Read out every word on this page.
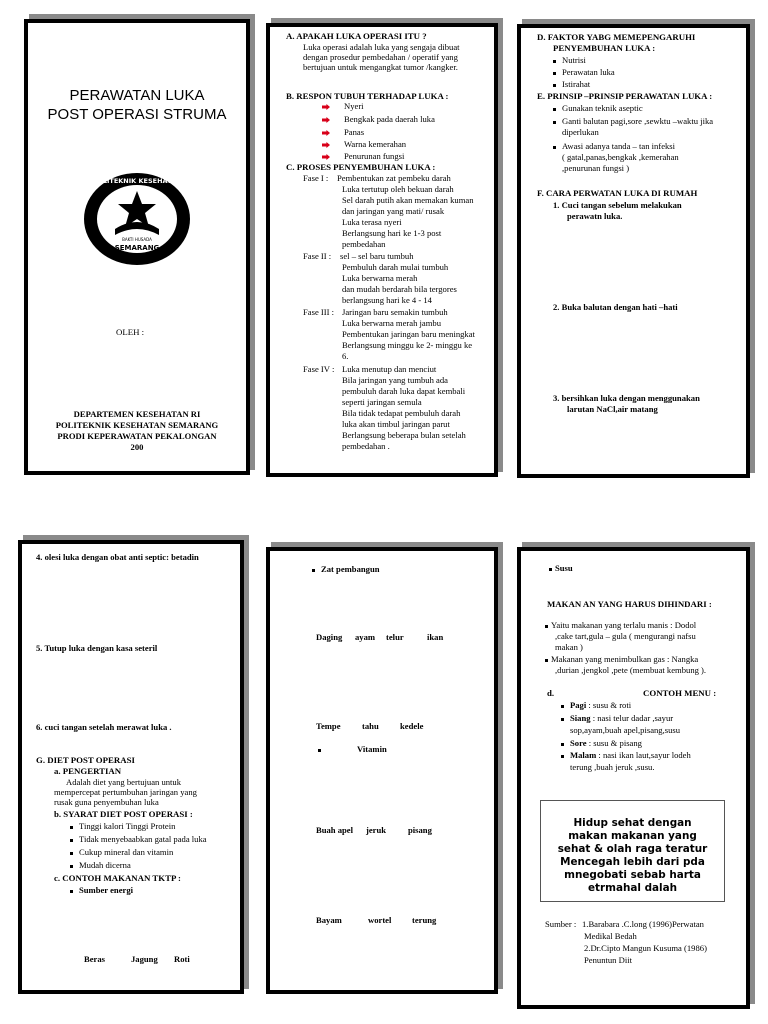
PERAWATAN LUKA
POST OPERASI STRUMA
POLITEKNIK KESEHATAN
SEMARANG
BAKTI HUSADA
OLEH :
DEPARTEMEN KESEHATAN RI
POLITEKNIK KESEHATAN SEMARANG
PRODI KEPERAWATAN PEKALONGAN
200
A. APAKAH LUKA OPERASI ITU ?
Luka operasi adalah luka yang sengaja dibuat
dengan prosedur pembedahan / operatif yang
bertujuan untuk mengangkat tumor /kangker.
B. RESPON TUBUH TERHADAP LUKA :
Nyeri
Bengkak pada daerah luka
Panas
Warna kemerahan
Penurunan fungsi
C. PROSES PENYEMBUHAN LUKA :
Fase I : Pembentukan zat pembeku darah
Luka tertutup oleh bekuan darah
Sel darah putih akan memakan kuman
dan jaringan yang mati/ rusak
Luka terasa nyeri
Berlangsung hari ke 1-3 post
pembedahan
Fase II : sel – sel baru tumbuh
Pembuluh darah mulai tumbuh
Luka berwarna merah
dan mudah berdarah bila tergores
berlangsung hari ke 4 - 14
Fase III : Jaringan baru semakin tumbuh
Luka berwarna merah jambu
Pembentukan jaringan baru meningkat
Berlangsung minggu ke 2- minggu ke
6.
Fase IV : Luka menutup dan menciut
Bila jaringan yang tumbuh ada
pembuluh darah luka dapat kembali
seperti jaringan semula
Bila tidak tedapat pembuluh darah
luka akan timbul jaringan parut
Berlangsung beberapa bulan setelah
pembedahan .
D. FAKTOR YABG MEMEPENGARUHI
PENYEMBUHAN LUKA :
Nutrisi
Perawatan luka
Istirahat
E. PRINSIP –PRINSIP PERAWATAN LUKA :
Gunakan teknik aseptic
Ganti balutan pagi,sore ,sewktu –waktu jika
diperlukan
Awasi adanya tanda – tan infeksi
( gatal,panas,bengkak ,kemerahan
,penurunan fungsi )
F. CARA PERWATAN LUKA DI RUMAH
1. Cuci tangan sebelum melakukan
perawatn luka.
2. Buka balutan dengan hati –hati
3. bersihkan luka dengan menggunakan
larutan NaCl,air matang
4. olesi luka dengan obat anti septic: betadin
5. Tutup luka dengan kasa seteril
6. cuci tangan setelah merawat luka .
G. DIET POST OPERASI
a. PENGERTIAN
Adalah diet yang bertujuan untuk
mempercepat pertumbuhan jaringan yang
rusak guna penyembuhan luka
b. SYARAT DIET POST OPERASI :
Tinggi kalori Tinggi Protein
Tidak menyebaabkan gatal pada luka
Cukup mineral dan vitamin
Mudah dicerna
c. CONTOH MAKANAN TKTP :
Sumber energi
Beras	Jagung Roti
Zat pembangun
Daging ayam telur	ikan
Tempe tahu kedele
Vitamin
Buah apel jeruk	pisang
Bayam	wortel terung
Susu
MAKAN AN YANG HARUS DIHINDARI :
Yaitu makanan yang terlalu manis : Dodol
,cake tart,gula – gula ( mengurangi nafsu
makan )
Makanan yang menimbulkan gas : Nangka
,durian ,jengkol ,pete (membuat kembung ).
d.	CONTOH MENU :
Pagi : susu & roti
Siang : nasi telur dadar ,sayur
sop,ayam,buah apel,pisang,susu
Sore : susu & pisang
Malam : nasi ikan laut,sayur lodeh
terung ,buah jeruk ,susu.
Hidup sehat dengan
makan makanan yang
sehat & olah raga teratur
Mencegah lebih dari pda
mnegobati sebab harta
etrmahal dalah
Sumber : 1.Barabara .C.long (1996)Perwatan
Medikal Bedah
2.Dr.Cipto Mangun Kusuma (1986)
Penuntun Diit
